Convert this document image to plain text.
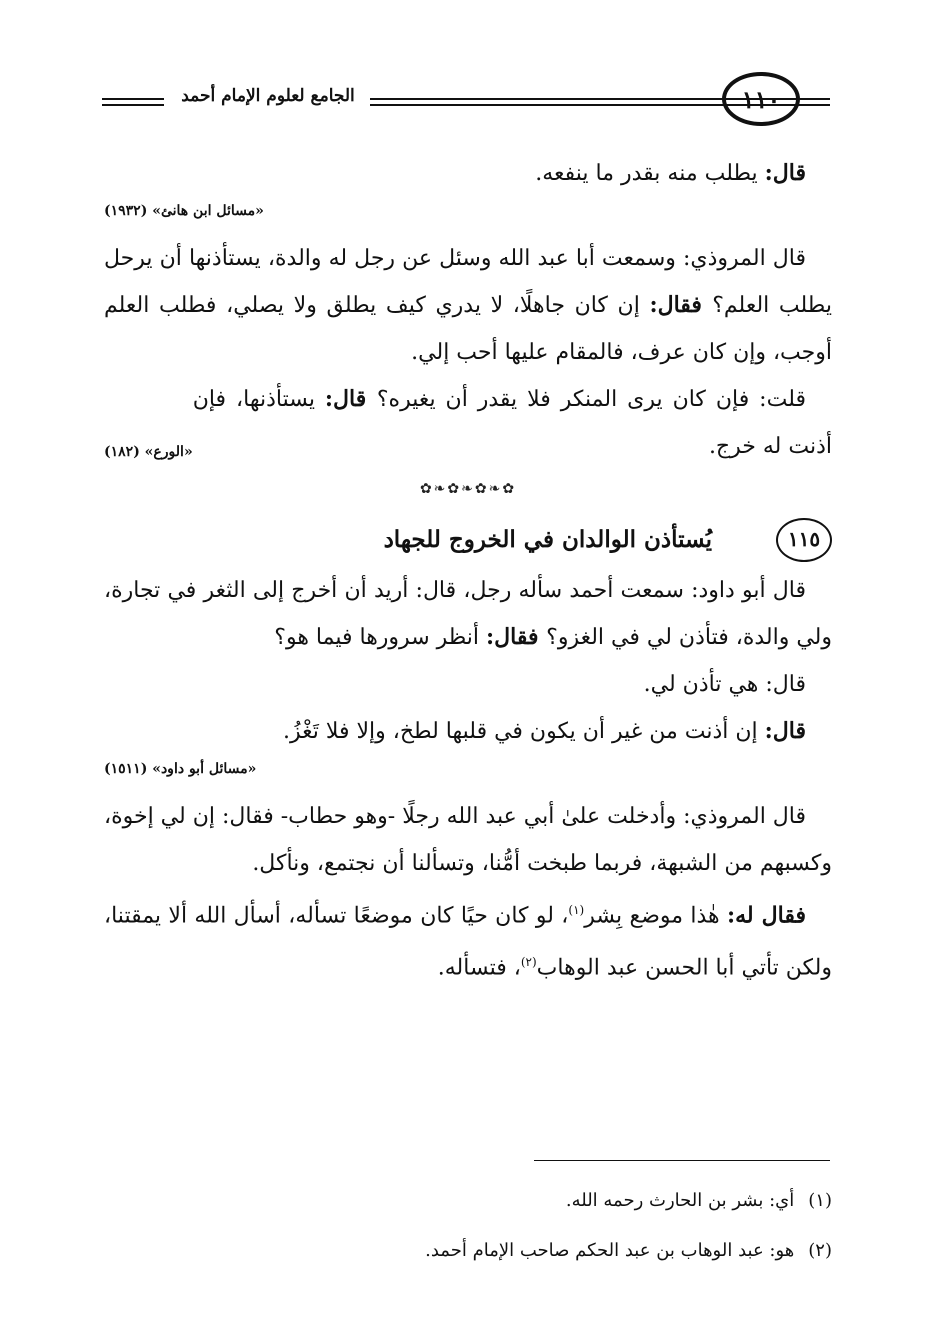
١١٠
الجامع لعلوم الإمام أحمد

قال: يطلب منه بقدر ما ينفعه.

«مسائل ابن هانئ» (١٩٣٢)

قال المروذي: وسمعت أبا عبد الله وسئل عن رجل له والدة، يستأذنها أن يرحل يطلب العلم؟ فقال: إن كان جاهلًا، لا يدري كيف يطلق ولا يصلي، فطلب العلم أوجب، وإن كان عرف، فالمقام عليها أحب إلي.

قلت: فإن كان يرى المنكر فلا يقدر أن يغيره؟ قال: يستأذنها، فإن أذنت له خرج.

«الورع» (١٨٢)
✿❧✿❧✿❧✿
١١٥
يُستأذن الوالدان في الخروج للجهاد

قال أبو داود: سمعت أحمد سأله رجل، قال: أريد أن أخرج إلى الثغر في تجارة، ولي والدة، فتأذن لي في الغزو؟ فقال: أنظر سرورها فيما هو؟

قال: هي تأذن لي.

قال: إن أذنت من غير أن يكون في قلبها لطخ، وإلا فلا تَغْزُ.

«مسائل أبو داود» (١٥١١)

قال المروذي: وأدخلت علىٰ أبي عبد الله رجلًا -وهو حطاب- فقال: إن لي إخوة، وكسبهم من الشبهة، فربما طبخت أمُّنا، وتسألنا أن نجتمع، ونأكل.

فقال له: هٰذا موضع بِشر$^{(١)}$، لو كان حيًا كان موضعًا تسأله، أسأل الله ألا يمقتنا، ولكن تأتي أبا الحسن عبد الوهاب$^{(٢)}$، فتسأله.

(١)
أي: بشر بن الحارث رحمه الله.
(٢)
هو: عبد الوهاب بن عبد الحكم صاحب الإمام أحمد.
